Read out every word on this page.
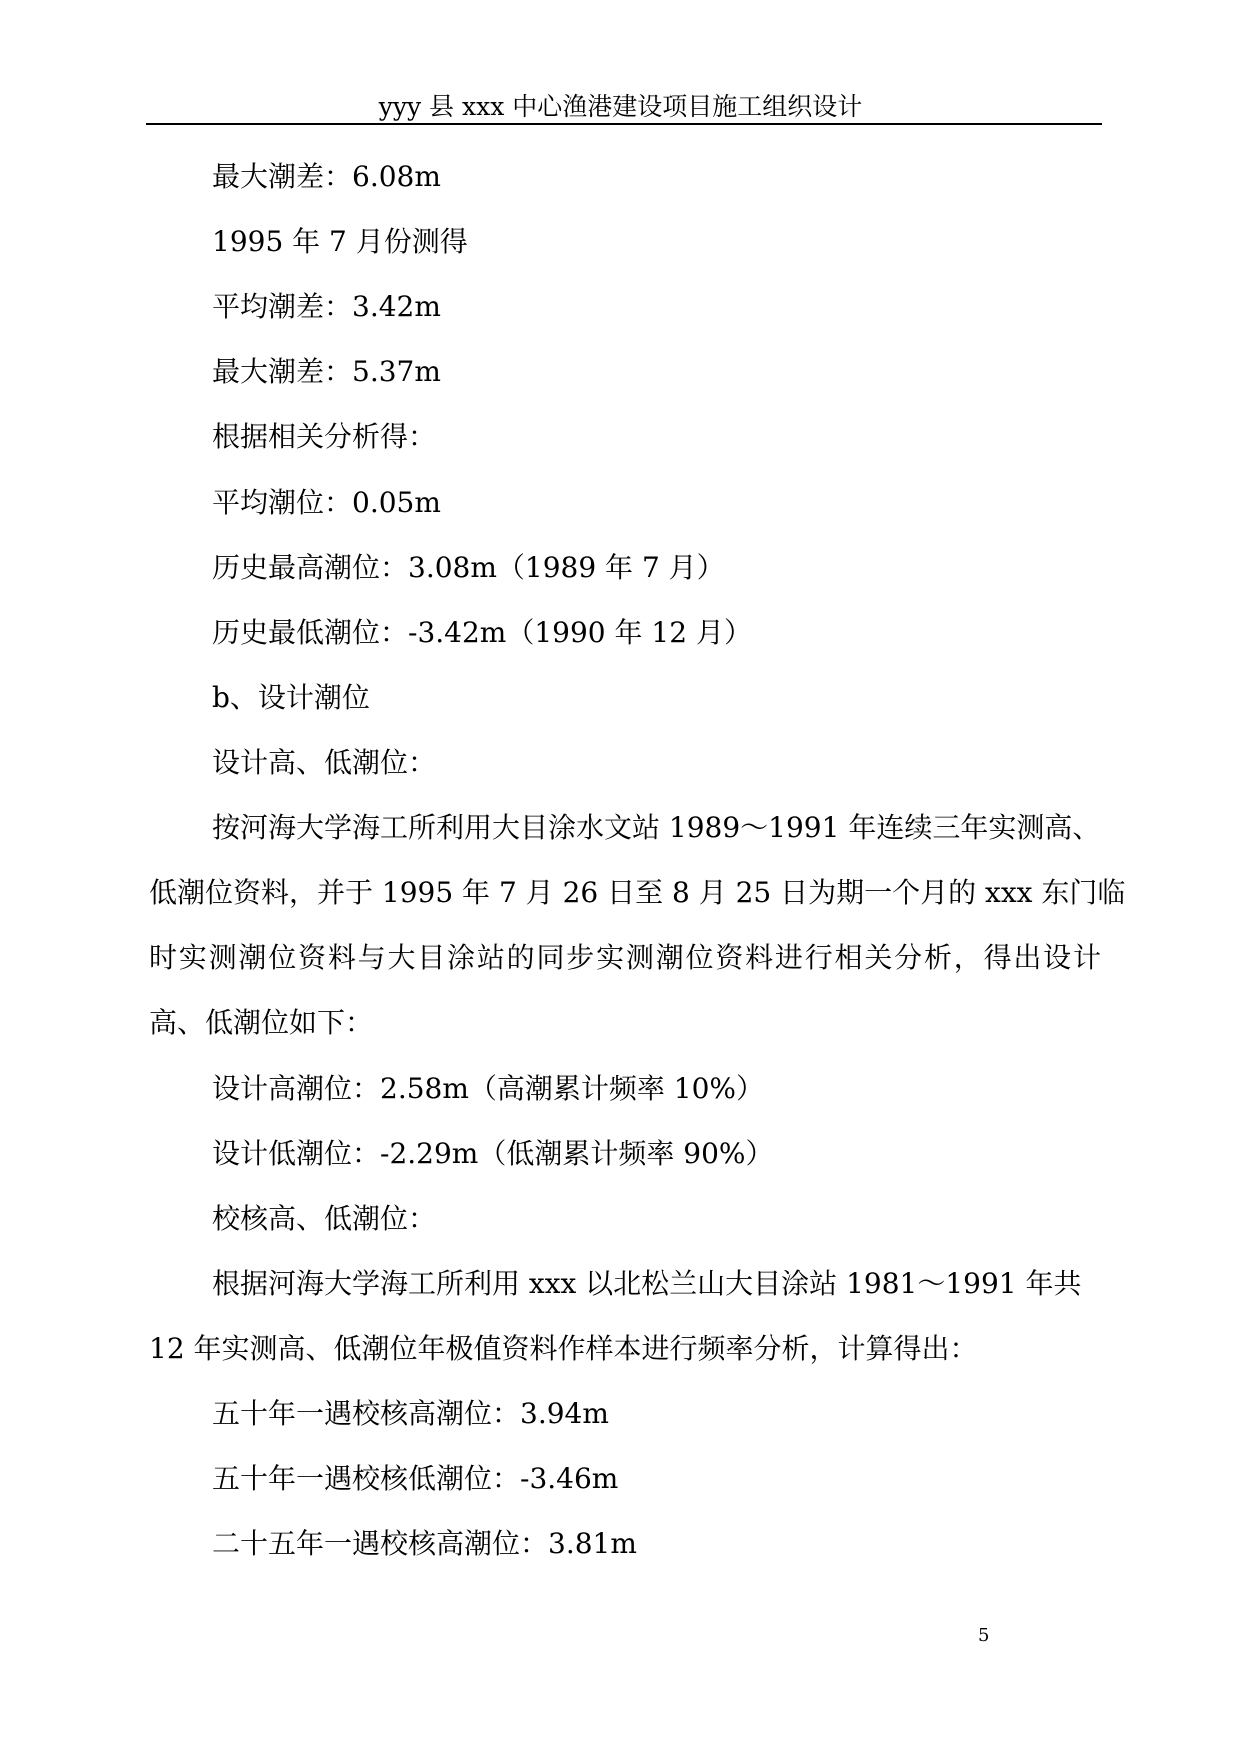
yyy 县 xxx 中心渔港建设项目施工组织设计
最大潮差：6.08m
1995 年 7 月份测得
平均潮差：3.42m
最大潮差：5.37m
根据相关分析得：
平均潮位：0.05m
历史最高潮位：3.08m（1989 年 7 月）
历史最低潮位：-3.42m（1990 年 12 月）
b、设计潮位
设计高、低潮位：
按河海大学海工所利用大目涂水文站 1989～1991 年连续三年实测高、
低潮位资料，并于 1995 年 7 月 26 日至 8 月 25 日为期一个月的 xxx 东门临
时实测潮位资料与大目涂站的同步实测潮位资料进行相关分析，得出设计
高、低潮位如下：
设计高潮位：2.58m（高潮累计频率 10%）
设计低潮位：-2.29m（低潮累计频率 90%）
校核高、低潮位：
根据河海大学海工所利用 xxx 以北松兰山大目涂站 1981～1991 年共
12 年实测高、低潮位年极值资料作样本进行频率分析，计算得出：
五十年一遇校核高潮位：3.94m
五十年一遇校核低潮位：-3.46m
二十五年一遇校核高潮位：3.81m
5
